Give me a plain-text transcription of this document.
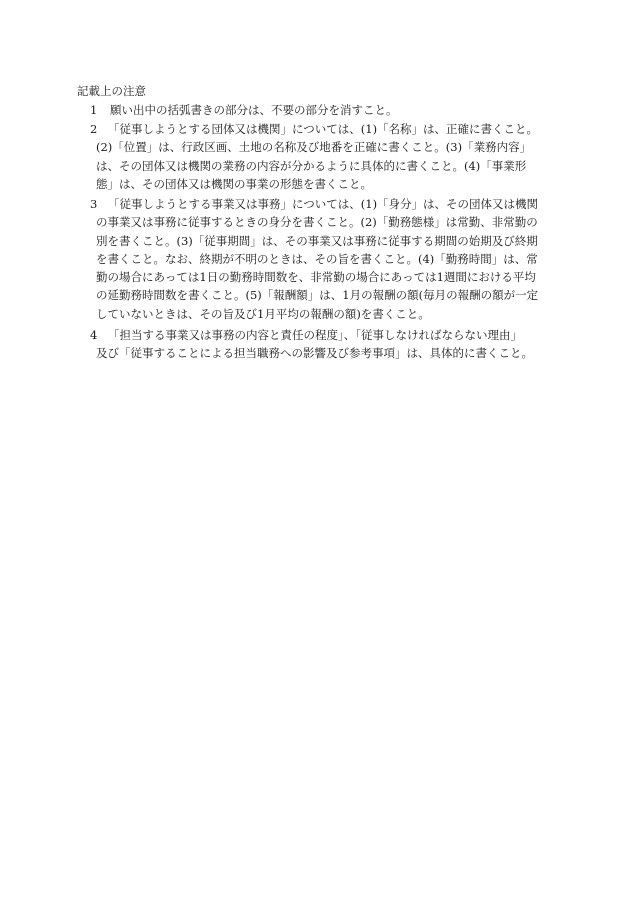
記載上の注意
1 願い出中の括弧書きの部分は、不要の部分を消すこと。
2 「従事しようとする団体又は機関」については、(1)「名称」は、正確に書くこと。
(2)「位置」は、行政区画、土地の名称及び地番を正確に書くこと。(3)「業務内容」
は、その団体又は機関の業務の内容が分かるように具体的に書くこと。(4)「事業形
態」は、その団体又は機関の事業の形態を書くこと。
3 「従事しようとする事業又は事務」については、(1)「身分」は、その団体又は機関
の事業又は事務に従事するときの身分を書くこと。(2)「勤務態様」は常勤、非常勤の
別を書くこと。(3)「従事期間」は、その事業又は事務に従事する期間の始期及び終期
を書くこと。なお、終期が不明のときは、その旨を書くこと。(4)「勤務時間」は、常
勤の場合にあっては1日の勤務時間数を、非常勤の場合にあっては1週間における平均
の延勤務時間数を書くこと。(5)「報酬額」は、1月の報酬の額(毎月の報酬の額が一定
していないときは、その旨及び1月平均の報酬の額)を書くこと。
4 「担当する事業又は事務の内容と責任の程度」、「従事しなければならない理由」
及び「従事することによる担当職務への影響及び参考事項」は、具体的に書くこと。
